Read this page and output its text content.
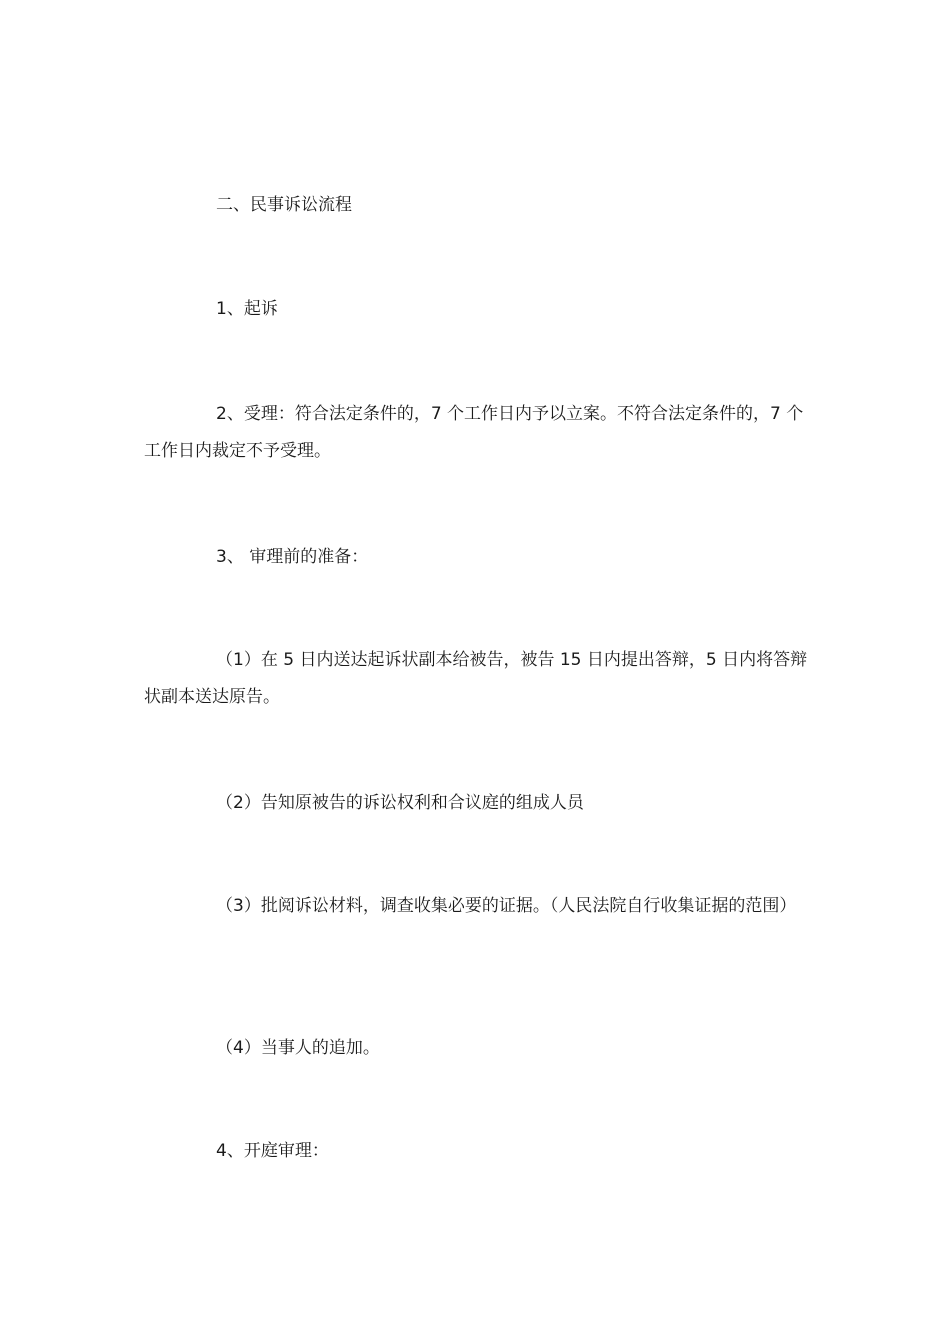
二、民事诉讼流程

1、起诉

2、受理：符合法定条件的，7 个工作日内予以立案。不符合法定条件的，7 个工作日内裁定不予受理。

3、 审理前的准备：

（1）在 5 日内送达起诉状副本给被告，被告 15 日内提出答辩，5 日内将答辩状副本送达原告。

（2）告知原被告的诉讼权利和合议庭的组成人员

（3）批阅诉讼材料，调查收集必要的证据。（人民法院自行收集证据的范围）

（4）当事人的追加。

4、开庭审理：
